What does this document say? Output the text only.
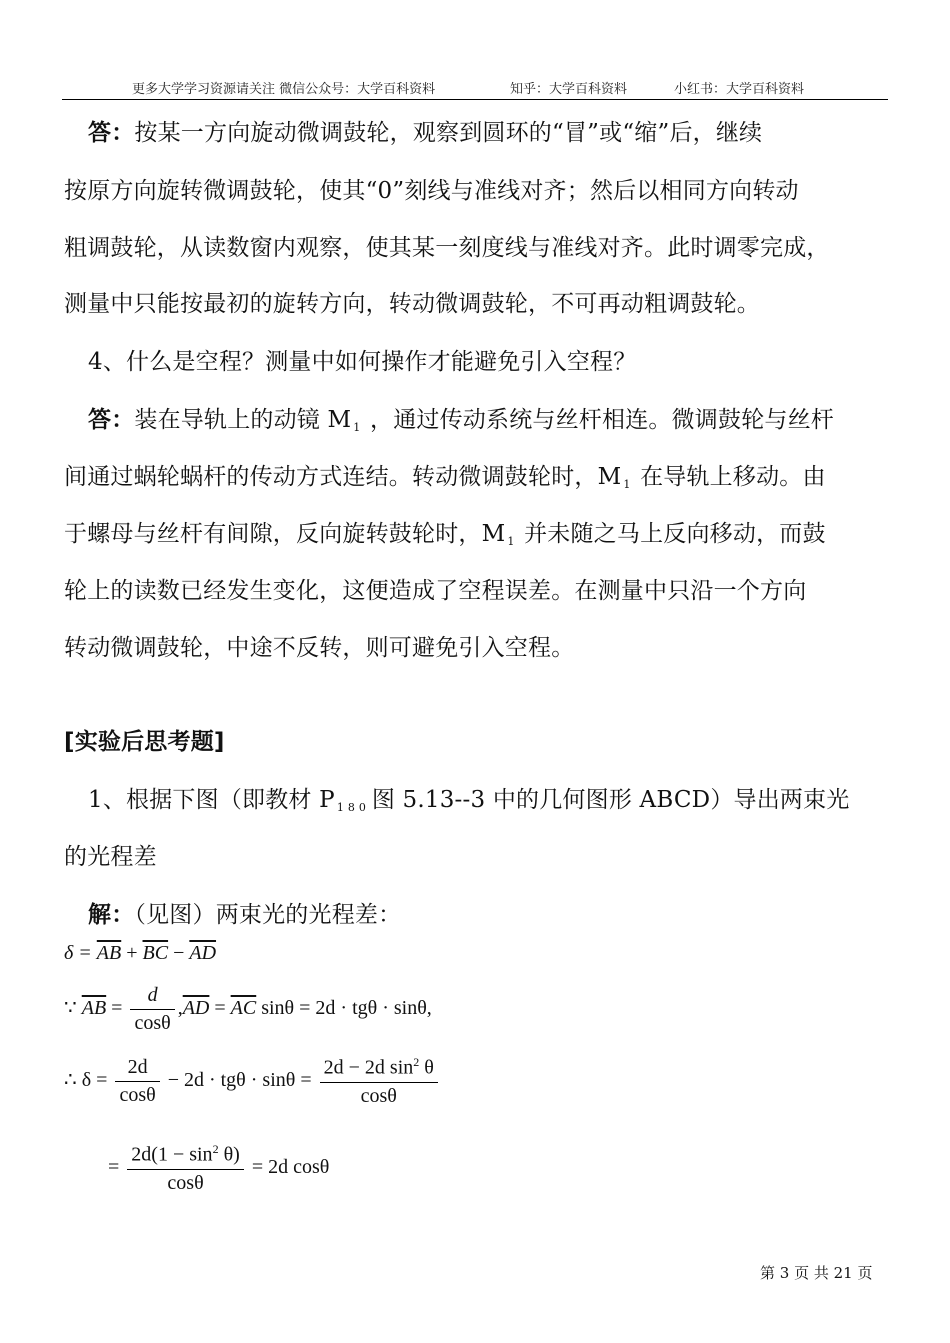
更多大学学习资源请关注 微信公众号：大学百科资料	知乎：大学百科资料	小红书：大学百科资料
答：按某一方向旋动微调鼓轮，观察到圆环的“冒”或“缩”后，继续
按原方向旋转微调鼓轮，使其“0”刻线与准线对齐；然后以相同方向转动
粗调鼓轮，从读数窗内观察，使其某一刻度线与准线对齐。此时调零完成，
测量中只能按最初的旋转方向，转动微调鼓轮，不可再动粗调鼓轮。
4、什么是空程？测量中如何操作才能避免引入空程？
答：装在导轨上的动镜 M $_1$ ，通过传动系统与丝杆相连。微调鼓轮与丝杆
间通过蜗轮蜗杆的传动方式连结。转动微调鼓轮时，M $_1$ 在导轨上移动。由
于螺母与丝杆有间隙，反向旋转鼓轮时，M $_1$ 并未随之马上反向移动，而鼓
轮上的读数已经发生变化，这便造成了空程误差。在测量中只沿一个方向
转动微调鼓轮，中途不反转，则可避免引入空程。
[实验后思考题]
1、根据下图（即教材 P $_{180}$图 5.13--3 中的几何图形 ABCD）导出两束光
的光程差
解：（见图）两束光的光程差：
$\delta = \overline{AB} + \overline{BC} - \overline{AD}$
∵ $\overline{AB} = \frac{d}{\cos\theta} ,\overline{AD} = \overline{AC}$ sinθ = 2d · tgθ · sinθ,
∴ $\delta = \frac{2d}{\cos\theta} - 2d \cdot tg\theta \cdot \sin\theta = \frac{2d - 2d \sin^2 \theta}{\cos\theta}$
= $\frac{2d(1 - \sin^2 \theta)}{\cos\theta} = 2d$ cosθ
第 3 页 共 21 页
